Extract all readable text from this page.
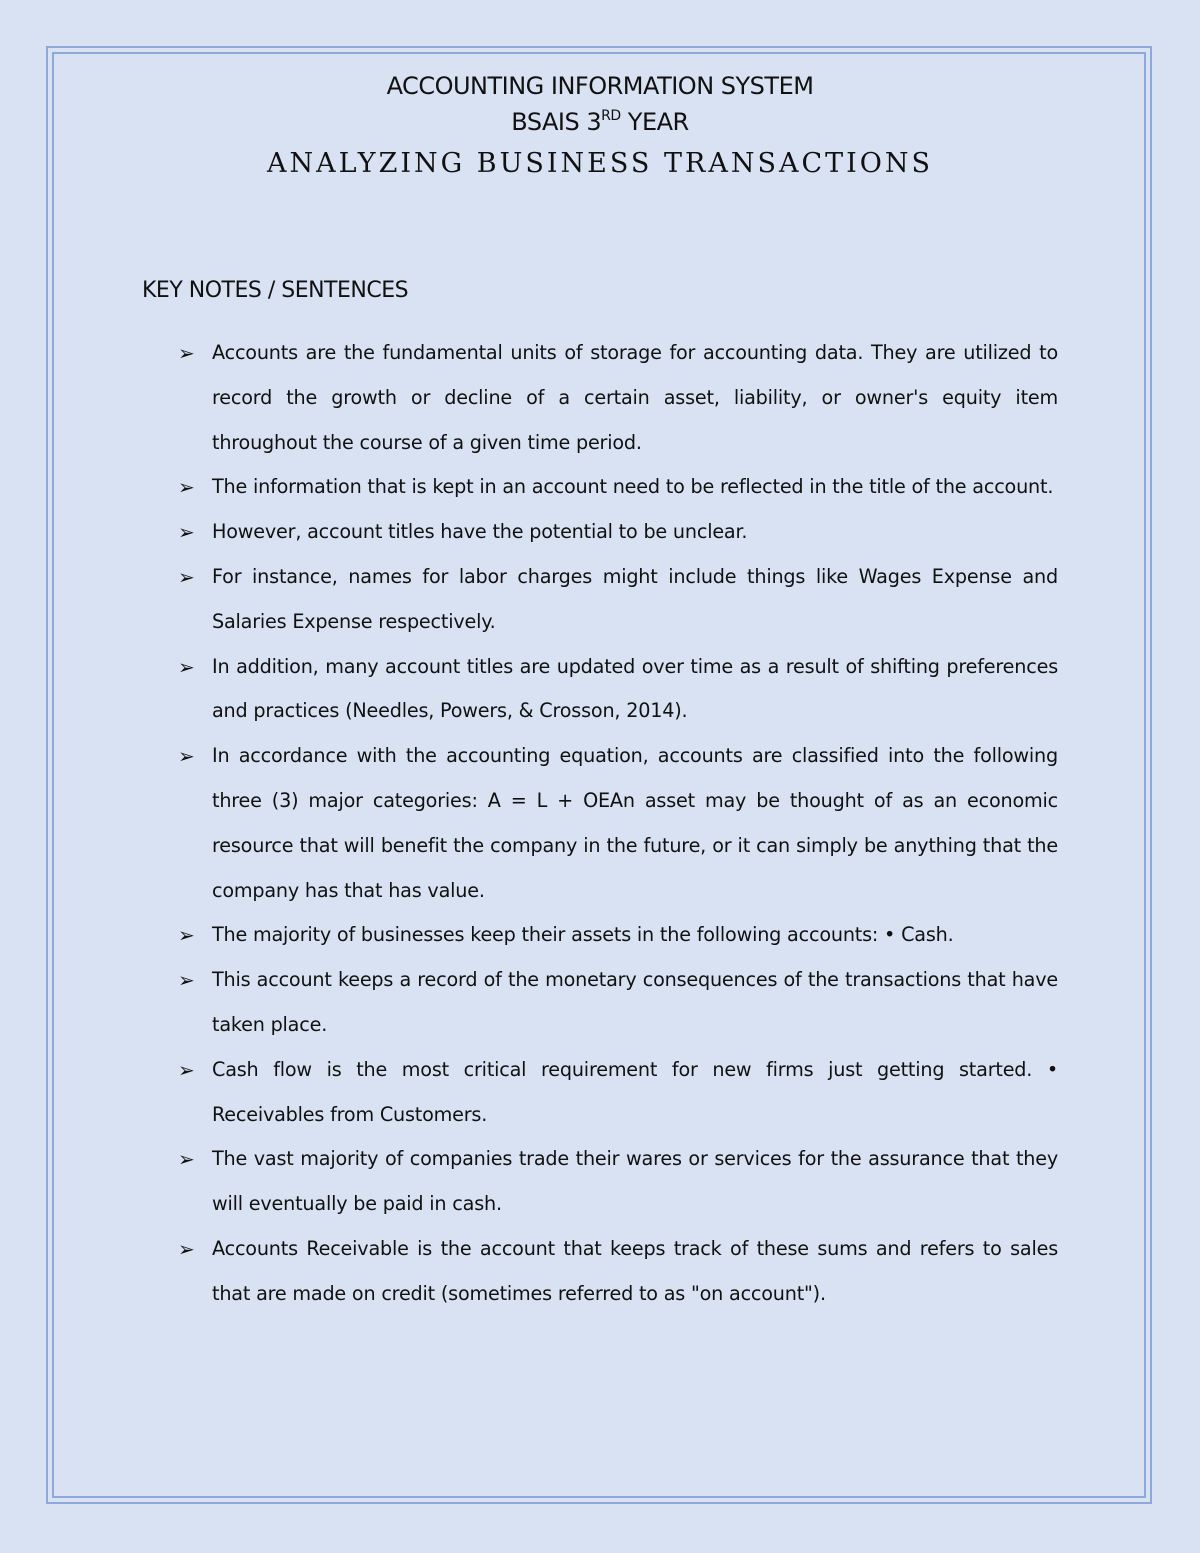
ACCOUNTING INFORMATION SYSTEM
BSAIS 3RD YEAR
ANALYZING BUSINESS TRANSACTIONS
KEY NOTES / SENTENCES
➢ Accounts are the fundamental units of storage for accounting data. They are utilized to record the growth or decline of a certain asset, liability, or owner's equity item throughout the course of a given time period.
➢ The information that is kept in an account need to be reflected in the title of the account.
➢ However, account titles have the potential to be unclear.
➢ For instance, names for labor charges might include things like Wages Expense and Salaries Expense respectively.
➢ In addition, many account titles are updated over time as a result of shifting preferences and practices (Needles, Powers, & Crosson, 2014).
➢ In accordance with the accounting equation, accounts are classified into the following three (3) major categories: A = L + OEAn asset may be thought of as an economic resource that will benefit the company in the future, or it can simply be anything that the company has that has value.
➢ The majority of businesses keep their assets in the following accounts: • Cash.
➢ This account keeps a record of the monetary consequences of the transactions that have taken place.
➢ Cash flow is the most critical requirement for new firms just getting started. • Receivables from Customers.
➢ The vast majority of companies trade their wares or services for the assurance that they will eventually be paid in cash.
➢ Accounts Receivable is the account that keeps track of these sums and refers to sales that are made on credit (sometimes referred to as "on account").
